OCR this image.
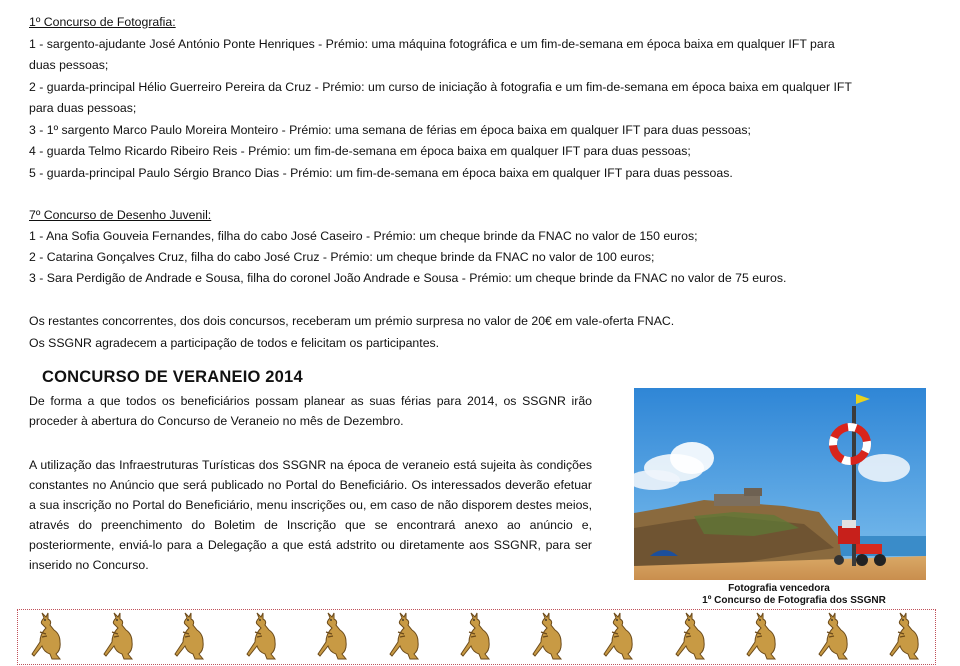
1º Concurso de Fotografia:
1 - sargento-ajudante José António Ponte Henriques - Prémio: uma máquina fotográfica e um fim-de-semana em época baixa em qualquer IFT para
duas pessoas;
2 - guarda-principal Hélio Guerreiro Pereira da Cruz - Prémio: um curso de iniciação à fotografia e um fim-de-semana em época baixa em qualquer IFT
para duas pessoas;
3 - 1º sargento Marco Paulo Moreira Monteiro - Prémio: uma semana de férias em época baixa em qualquer IFT para duas pessoas;
4 - guarda Telmo Ricardo Ribeiro Reis - Prémio: um fim-de-semana em época baixa em qualquer IFT para duas pessoas;
5 - guarda-principal Paulo Sérgio Branco Dias - Prémio: um fim-de-semana em época baixa em qualquer IFT para duas pessoas.
7º Concurso de Desenho Juvenil:
1 - Ana Sofia Gouveia Fernandes, filha do cabo José Caseiro - Prémio: um cheque brinde da FNAC no valor de 150 euros;
2 - Catarina Gonçalves Cruz, filha do cabo José Cruz - Prémio: um cheque brinde da FNAC no valor de 100 euros;
3 - Sara Perdigão de Andrade e Sousa, filha do coronel João Andrade e Sousa - Prémio: um cheque brinde da FNAC no valor de 75 euros.
Os restantes concorrentes, dos dois concursos, receberam um prémio surpresa no valor de 20€ em vale-oferta FNAC.
Os SSGNR agradecem a participação de todos e felicitam os participantes.
CONCURSO DE VERANEIO 2014
De forma a que todos os beneficiários possam planear as suas férias para 2014, os SSGNR irão proceder à abertura do Concurso de Veraneio no mês de Dezembro.
A utilização das Infraestruturas Turísticas dos SSGNR na época de veraneio está sujeita às condições constantes no Anúncio que será publicado no Portal do Beneficiário. Os interessados deverão efetuar a sua inscrição no Portal do Beneficiário, menu inscrições ou, em caso de não disporem destes meios, através do preenchimento do Boletim de Inscrição que se encontrará anexo ao anúncio e, posteriormente, enviá-lo para a Delegação a que está adstrito ou diretamente aos SSGNR, para ser inserido no Concurso.
Fotografia vencedora
1º Concurso de Fotografia dos SSGNR
